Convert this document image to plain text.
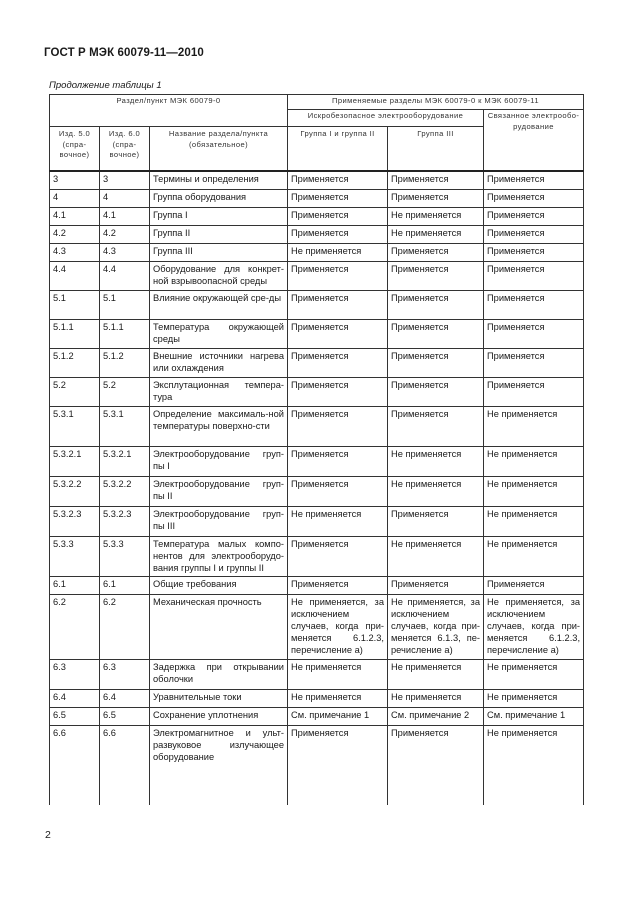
ГОСТ Р МЭК 60079-11—2010
Продолжение таблицы 1
Раздел/пункт МЭК 60079-0			Применяемые разделы МЭК 60079-0 к МЭК 60079-11		
			Искробезопасное электрооборудование		Связанное электрообо-рудование
Изд. 5.0 (спра-вочное)	Изд. 6.0 (спра-вочное)	Название раздела/пункта (обязательное)	Группа I и группа II	Группа III	
3	3	Термины и определения	Применяется	Применяется	Применяется
4	4	Группа оборудования	Применяется	Применяется	Применяется
4.1	4.1	Группа I	Применяется	Не применяется	Применяется
4.2	4.2	Группа II	Применяется	Не применяется	Применяется
4.3	4.3	Группа III	Не применяется	Применяется	Применяется
4.4	4.4	Оборудование для конкрет-ной взрывоопасной среды	Применяется	Применяется	Применяется
5.1	5.1	Влияние окружающей сре-ды	Применяется	Применяется	Применяется
5.1.1	5.1.1	Температура окружающей среды	Применяется	Применяется	Применяется
5.1.2	5.1.2	Внешние источники нагрева или охлаждения	Применяется	Применяется	Применяется
5.2	5.2	Эксплутационная темпера-тура	Применяется	Применяется	Применяется
5.3.1	5.3.1	Определение максималь-ной температуры поверхно-сти	Применяется	Применяется	Не применяется
5.3.2.1	5.3.2.1	Электрооборудование груп-пы I	Применяется	Не применяется	Не применяется
5.3.2.2	5.3.2.2	Электрооборудование груп-пы II	Применяется	Не применяется	Не применяется
5.3.2.3	5.3.2.3	Электрооборудование груп-пы III	Не применяется	Применяется	Не применяется
5.3.3	5.3.3	Температура малых компо-нентов для электрооборудо-вания группы I и группы II	Применяется	Не применяется	Не применяется
6.1	6.1	Общие требования	Применяется	Применяется	Применяется
6.2	6.2	Механическая прочность	Не применяется, за исключением случаев, когда при-меняется 6.1.2.3, перечисление а)	Не применяется, за исключением случаев, когда при-меняется 6.1.3, пе-речисление а)	Не применяется, за исключением случаев, когда при-меняется 6.1.2.3, перечисление а)
6.3	6.3	Задержка при открывании оболочки	Не применяется	Не применяется	Не применяется
6.4	6.4	Уравнительные токи	Не применяется	Не применяется	Не применяется
6.5	6.5	Сохранение уплотнения	См. примечание 1	См. примечание 2	См. примечание 1
6.6	6.6	Электромагнитное и ульт-развуковое излучающее оборудование	Применяется	Применяется	Не применяется
2
